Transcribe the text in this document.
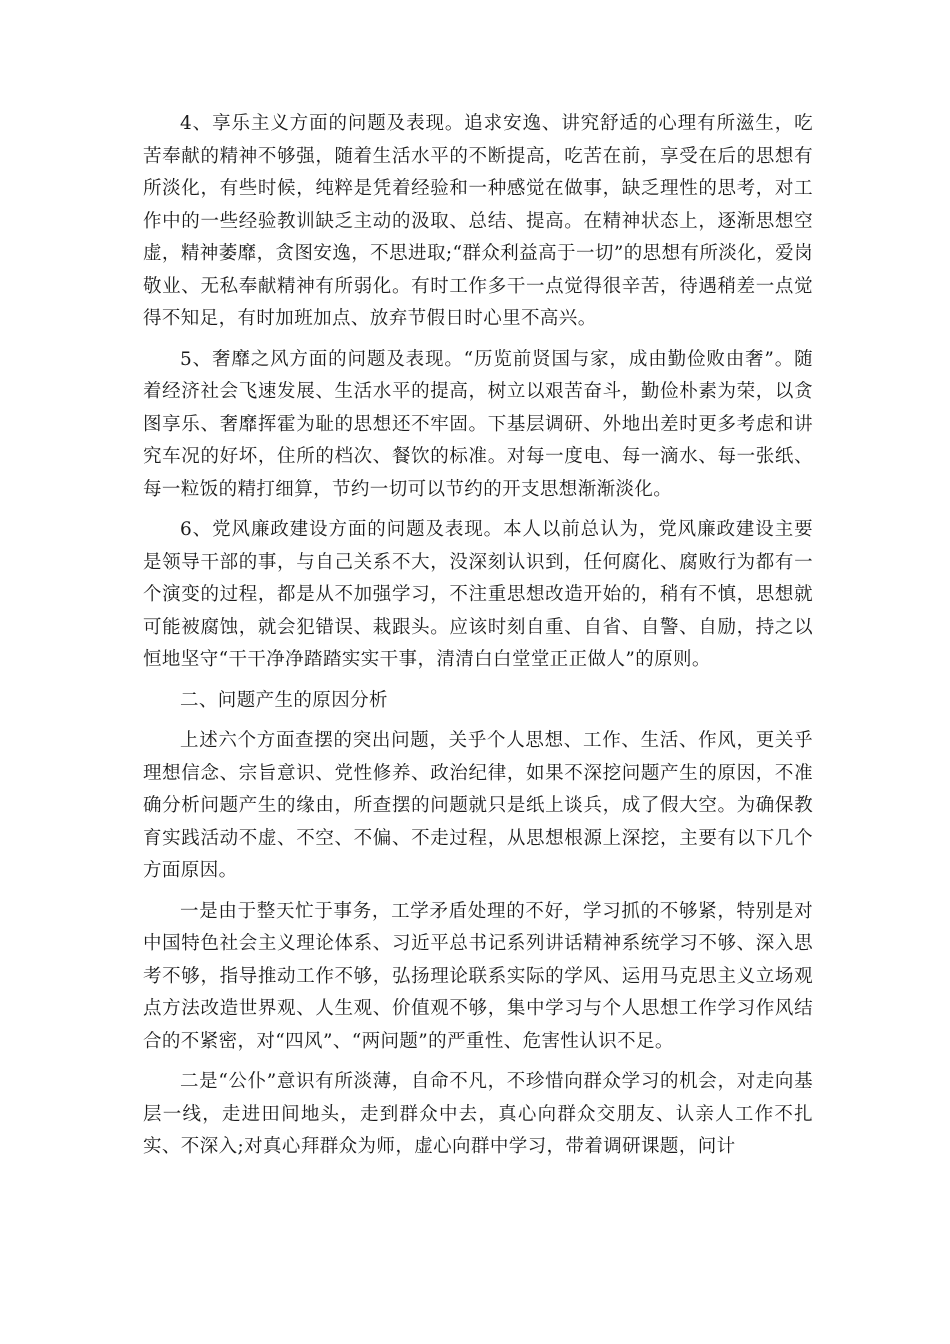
4、享乐主义方面的问题及表现。追求安逸、讲究舒适的心理有所滋生，吃苦奉献的精神不够强，随着生活水平的不断提高，吃苦在前，享受在后的思想有所淡化，有些时候，纯粹是凭着经验和一种感觉在做事，缺乏理性的思考，对工作中的一些经验教训缺乏主动的汲取、总结、提高。在精神状态上，逐渐思想空虚，精神萎靡，贪图安逸，不思进取;“群众利益高于一切”的思想有所淡化，爱岗敬业、无私奉献精神有所弱化。有时工作多干一点觉得很辛苦，待遇稍差一点觉得不知足，有时加班加点、放弃节假日时心里不高兴。

5、奢靡之风方面的问题及表现。“历览前贤国与家，成由勤俭败由奢”。随着经济社会飞速发展、生活水平的提高，树立以艰苦奋斗，勤俭朴素为荣，以贪图享乐、奢靡挥霍为耻的思想还不牢固。下基层调研、外地出差时更多考虑和讲究车况的好坏，住所的档次、餐饮的标准。对每一度电、每一滴水、每一张纸、每一粒饭的精打细算，节约一切可以节约的开支思想渐渐淡化。

6、党风廉政建设方面的问题及表现。本人以前总认为，党风廉政建设主要是领导干部的事，与自己关系不大，没深刻认识到，任何腐化、腐败行为都有一个演变的过程，都是从不加强学习，不注重思想改造开始的，稍有不慎，思想就可能被腐蚀，就会犯错误、栽跟头。应该时刻自重、自省、自警、自励，持之以恒地坚守“干干净净踏踏实实干事，清清白白堂堂正正做人”的原则。

二、问题产生的原因分析

上述六个方面查摆的突出问题，关乎个人思想、工作、生活、作风，更关乎理想信念、宗旨意识、党性修养、政治纪律，如果不深挖问题产生的原因，不准确分析问题产生的缘由，所查摆的问题就只是纸上谈兵，成了假大空。为确保教育实践活动不虚、不空、不偏、不走过程，从思想根源上深挖，主要有以下几个方面原因。

一是由于整天忙于事务，工学矛盾处理的不好，学习抓的不够紧，特别是对中国特色社会主义理论体系、习近平总书记系列讲话精神系统学习不够、深入思考不够，指导推动工作不够，弘扬理论联系实际的学风、运用马克思主义立场观点方法改造世界观、人生观、价值观不够，集中学习与个人思想工作学习作风结合的不紧密，对“四风”、“两问题”的严重性、危害性认识不足。

二是“公仆”意识有所淡薄，自命不凡，不珍惜向群众学习的机会，对走向基层一线，走进田间地头，走到群众中去，真心向群众交朋友、认亲人工作不扎实、不深入;对真心拜群众为师，虚心向群中学习，带着调研课题，问计
